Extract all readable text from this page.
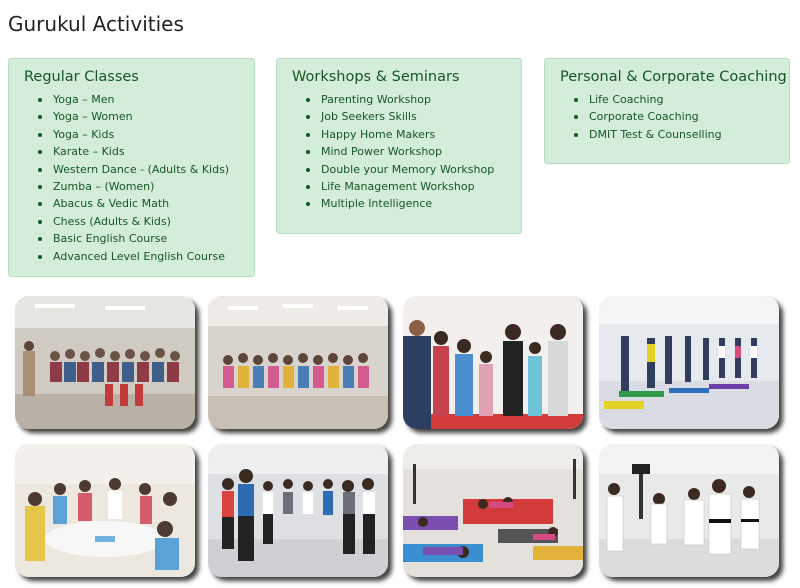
Gurukul Activities
Regular Classes
Yoga – Men
Yoga – Women
Yoga – Kids
Karate – Kids
Western Dance - (Adults & Kids)
Zumba – (Women)
Abacus & Vedic Math
Chess (Adults & Kids)
Basic English Course
Advanced Level English Course
Workshops & Seminars
Parenting Workshop
Job Seekers Skills
Happy Home Makers
Mind Power Workshop
Double your Memory Workshop
Life Management Workshop
Multiple Intelligence
Personal & Corporate Coaching
Life Coaching
Corporate Coaching
DMIT Test & Counselling
